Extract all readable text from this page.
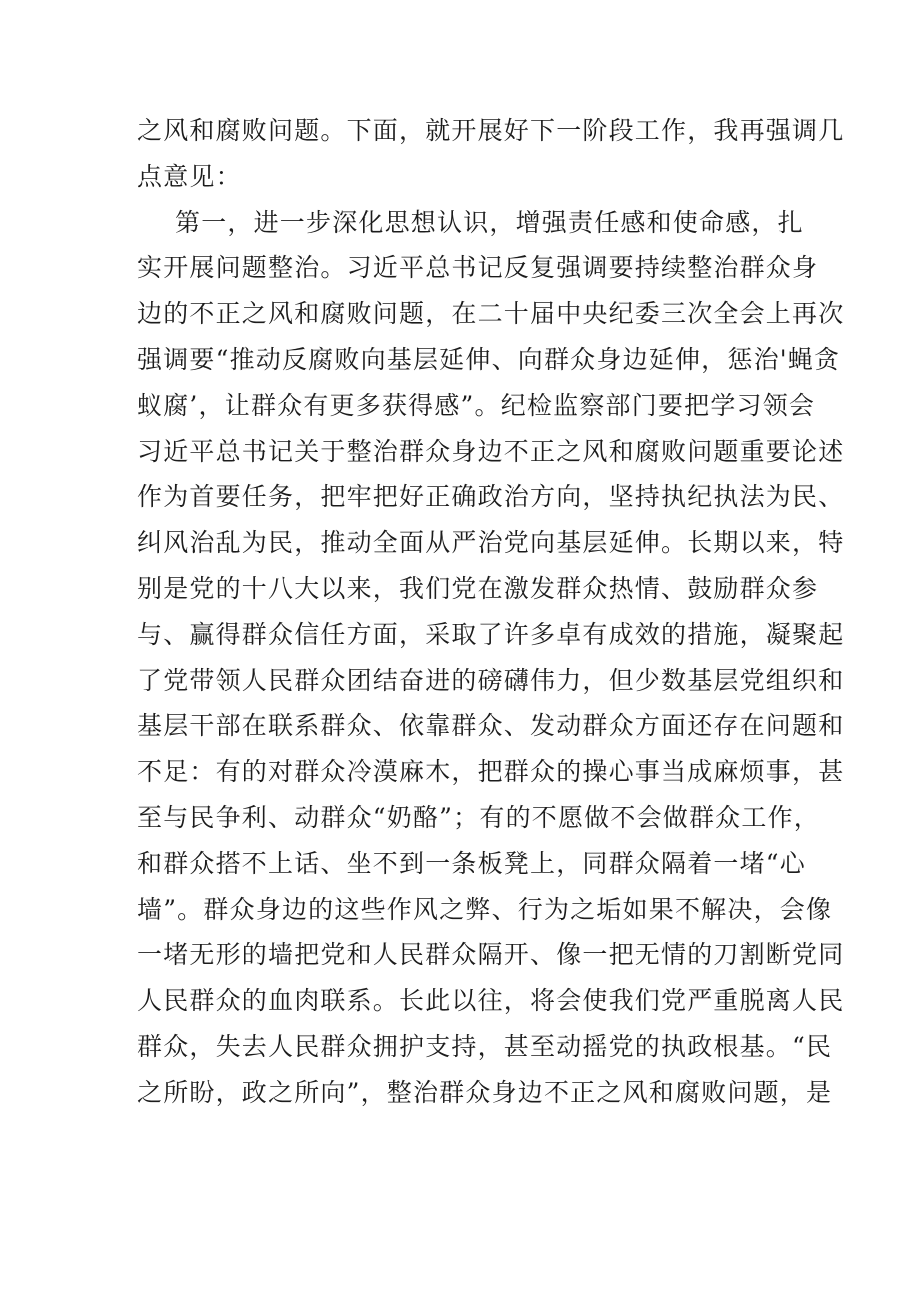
之风和腐败问题。下面，就开展好下一阶段工作，我再强调几
点意见：
第一，进一步深化思想认识，增强责任感和使命感，扎
实开展问题整治。习近平总书记反复强调要持续整治群众身
边的不正之风和腐败问题，在二十届中央纪委三次全会上再次
强调要“推动反腐败向基层延伸、向群众身边延伸，惩治'蝇贪
蚁腐’，让群众有更多获得感”。纪检监察部门要把学习领会
习近平总书记关于整治群众身边不正之风和腐败问题重要论述
作为首要任务，把牢把好正确政治方向，坚持执纪执法为民、
纠风治乱为民，推动全面从严治党向基层延伸。长期以来，特
别是党的十八大以来，我们党在激发群众热情、鼓励群众参
与、赢得群众信任方面，采取了许多卓有成效的措施，凝聚起
了党带领人民群众团结奋进的磅礴伟力，但少数基层党组织和
基层干部在联系群众、依靠群众、发动群众方面还存在问题和
不足：有的对群众冷漠麻木，把群众的操心事当成麻烦事，甚
至与民争利、动群众“奶酪”；有的不愿做不会做群众工作，
和群众搭不上话、坐不到一条板凳上，同群众隔着一堵“心
墙”。群众身边的这些作风之弊、行为之垢如果不解决，会像
一堵无形的墙把党和人民群众隔开、像一把无情的刀割断党同
人民群众的血肉联系。长此以往，将会使我们党严重脱离人民
群众，失去人民群众拥护支持，甚至动摇党的执政根基。“民
之所盼，政之所向”，整治群众身边不正之风和腐败问题，是
